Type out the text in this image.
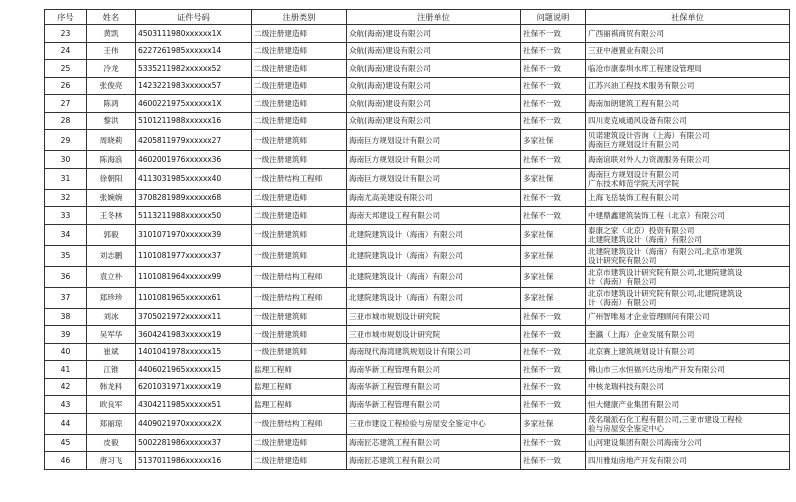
序号	姓名	证件号码	注册类别	注册单位	问题说明	社保单位
23	黄凯	4503111980xxxxxx1X	二级注册建造师	众航(海南)建设有限公司	社保不一致	广西丽祺商贸有限公司

24	王伟	6227261985xxxxxx14	二级注册建造师	众航(海南)建设有限公司	社保不一致	三亚中港置业有限公司

25	冷龙	5335211982xxxxxx52	二级注册建造师	众航(海南)建设有限公司	社保不一致	临沧市康泰圳水库工程建设管理局

26	张俊亮	1423221983xxxxxx57	二级注册建造师	众航(海南)建设有限公司	社保不一致	江苏兴油工程技术服务有限公司

27	陈鸿	4600221975xxxxxx1X	二级注册建造师	众航(海南)建设有限公司	社保不一致	海南加朗建筑工程有限公司

28	黎洪	5101211988xxxxxx16	二级注册建造师	众航(海南)建设有限公司	社保不一致	四川麦克威通风设备有限公司

29	周晓莉	4205811979xxxxxx27	一级注册建筑师	海南巨方规划设计有限公司	多家社保	贝诺建筑设计咨询（上海）有限公司
海南巨方规划设计有限公司

30	陈海浪	4602001976xxxxxx36	一级注册建筑师	海南巨方规划设计有限公司	社保不一致	海南谊联对外人力资源服务有限公司

31	徐朝阳	4113031985xxxxxx40	一级注册结构工程师	海南巨方规划设计有限公司	多家社保	海南巨方规划设计有限公司
广东技术师范学院天河学院

32	张婉婉	3708281989xxxxxx68	二级注册建造师	海南尤高美建设有限公司	社保不一致	上海飞岳装饰工程有限公司

33	王冬林	5113211988xxxxxx50	二级注册建造师	海南天邦建设工程有限公司	社保不一致	中建鼎鑫建筑装饰工程（北京）有限公司

34	郭毅	3101071970xxxxxx39	一级注册建筑师	北建院建筑设计（海南）有限公司	多家社保	泰康之家（北京）投资有限公司
北建院建筑设计（海南）有限公司

35	刘志鹏	1101081977xxxxxx37	一级注册建筑师	北建院建筑设计（海南）有限公司	多家社保	北建院建筑设计（海南）有限公司,北京市建筑
设计研究院有限公司

36	袁立朴	1101081964xxxxxx99	一级注册结构工程师	北建院建筑设计（海南）有限公司	多家社保	北京市建筑设计研究院有限公司,北建院建筑设
计（海南）有限公司

37	郑珍珍	1101081965xxxxxx61	一级注册结构工程师	北建院建筑设计（海南）有限公司	多家社保	北京市建筑设计研究院有限公司,北建院建筑设
计（海南）有限公司

38	刘冰	3705021972xxxxxx11	一级注册建筑师	三亚市城市规划设计研究院	社保不一致	广州智唯易才企业管理顾问有限公司

39	吴军华	3604241983xxxxxx19	一级注册建筑师	三亚市城市规划设计研究院	社保不一致	奎瀛（上海）企业发展有限公司

40	崔斌	1401041978xxxxxx15	一级注册建筑师	海南现代海湾建筑规划设计有限公司	社保不一致	北京赛上建筑规划设计有限公司

41	江锥	4406021965xxxxxx15	监理工程师	海南华新工程管理有限公司	社保不一致	佛山市三水恒福兴达房地产开发有限公司

42	韩龙科	6201031971xxxxxx19	监理工程师	海南华新工程管理有限公司	社保不一致	中核龙瑞科技有限公司

43	欧良军	4304211985xxxxxx51	监理工程师	海南华新工程管理有限公司	社保不一致	恒大健康产业集团有限公司

44	郑丽琼	4409021970xxxxxx2X	一级注册结构工程师	三亚市建设工程检验与房屋安全鉴定中心	多家社保	茂名瑞派石化工程有限公司,三亚市建设工程检
验与房屋安全鉴定中心

45	皮毅	5002281986xxxxxx37	二级注册建造师	海南匠芯建筑工程有限公司	社保不一致	山河建设集团有限公司海南分公司

46	唐习飞	5137011986xxxxxx16	二级注册建造师	海南匠芯建筑工程有限公司	社保不一致	四川雅灿房地产开发有限公司
